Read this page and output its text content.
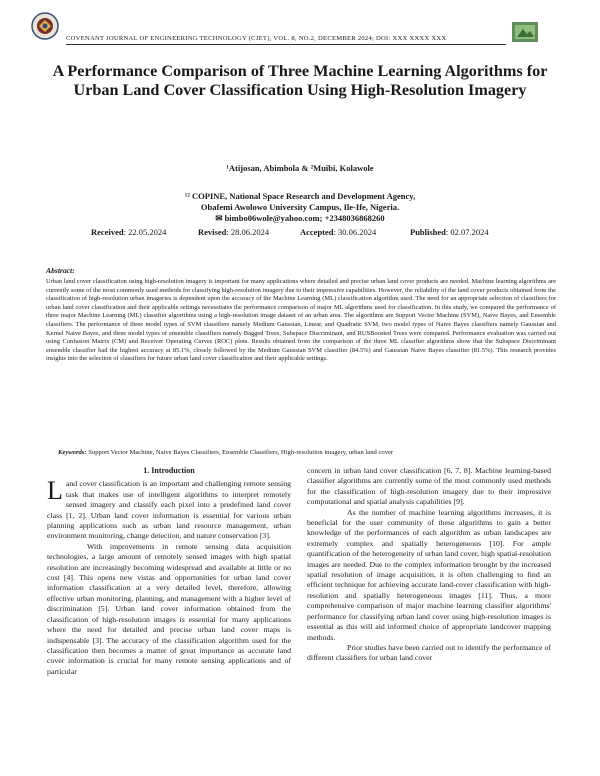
COVENANT JOURNAL OF ENGINEERING TECHNOLOGY (CJET), VOL. 8, NO.2, DECEMBER 2024; DOI: XXX XXXX XXX
A Performance Comparison of Three Machine Learning Algorithms for Urban Land Cover Classification Using High-Resolution Imagery
¹Atijosan, Abimbola & ²Muibi, Kolawole
¹² COPINE, National Space Research and Development Agency,
Obafemi Awolowo University Campus, Ile-Ife, Nigeria.
✉ bimbo06wole@yahoo.com; +2348036868260
Received: 22.05.2024	Revised: 28.06.2024	Accepted: 30.06.2024	Published: 02.07.2024
Abstract:
Urban land cover classification using high-resolution imagery is important for many applications where detailed and precise urban land cover products are needed. Machine learning algorithms are currently some of the most commonly used methods for classifying high-resolution imagery due to their impressive capabilities. However, the reliability of the land cover products obtained from the classification of high-resolution urban imageries is dependent upon the accuracy of the Machine Learning (ML) classification algorithm used. The need for an appropriate selection of classifiers for urban land cover classification and their applicable settings necessitates the performance comparison of major ML algorithms used for classification. In this study, we compared the performance of three major Machine Learning (ML) classifier algorithms using a high-resolution image dataset of an urban area. The algorithms are Support Vector Machine (SVM), Naive Bayes, and Ensemble classifiers. The performance of three model types of SVM classifiers namely Medium Gaussian, Linear, and Quadratic SVM, two model types of Naive Bayes classifiers namely Gaussian and Kernel Naive Bayes, and three model types of ensemble classifiers namely Bagged Trees, Subspace Discriminant, and RUSBoosted Trees were compared. Performance evaluation was carried out using Confusion Matrix (CM) and Receiver Operating Curves (ROC) plots. Results obtained from the comparison of the three ML classifier algorithms show that the Subspace Discriminant ensemble classifier had the highest accuracy at 85.1%, closely followed by the Medium Gaussian SVM classifier (84.5%) and Gaussian Naive Bayes classifier (81.5%). This research provides insights into the selection of classifiers for future urban land cover classification and their applicable settings.
Keywords: Support Vector Machine, Naive Bayes Classifiers, Ensemble Classifiers, High-resolution imagery, urban land cover
1. Introduction

Land cover classification is an important and challenging remote sensing task that makes use of intelligent algorithms to interpret remotely sensed imagery and classify each pixel into a predefined land cover class [1, 2]. Urban land cover information is essential for various urban planning applications such as urban land resource management, urban environment monitoring, change detection, and nature conservation [3].

With improvements in remote sensing data acquisition technologies, a large amount of remotely sensed images with high spatial resolution are increasingly becoming widespread and available at little or no cost [4]. This opens new vistas and opportunities for urban land cover information classification at a very detailed level, therefore, allowing effective urban monitoring, planning, and management with a higher level of discrimination [5]. Urban land cover information obtained from the classification of high-resolution images is essential for many applications where the need for detailed and precise urban land cover maps is indispensable [3]. The accuracy of the classification algorithm used for the classification then becomes a matter of great importance as accurate land cover information is crucial for many remote sensing applications and of particular

concern in urban land cover classification [6, 7, 8]. Machine learning-based classifier algorithms are currently some of the most commonly used methods for the classification of high-resolution imagery due to their impressive computational and spatial analysis capabilities [9].

As the number of machine learning algorithms increases, it is beneficial for the user community of these algorithms to gain a better knowledge of the performances of each algorithm as urban landscapes are extremely complex and spatially heterogeneous [10]. For ample quantification of the heterogeneity of urban land cover, high spatial-resolution images are needed. Due to the complex information brought by the increased spatial resolution of image acquisition, it is often challenging to find an efficient technique for achieving accurate land-cover classification with high-resolution and spatially heterogeneous images [11]. Thus, a more comprehensive comparison of major machine learning classifier algorithms' performance for classifying urban land cover using high-resolution images is essential as this will aid informed choice of appropriate landcover mapping methods.

Prior studies have been carried out to identify the performance of different classifiers for urban land cover
